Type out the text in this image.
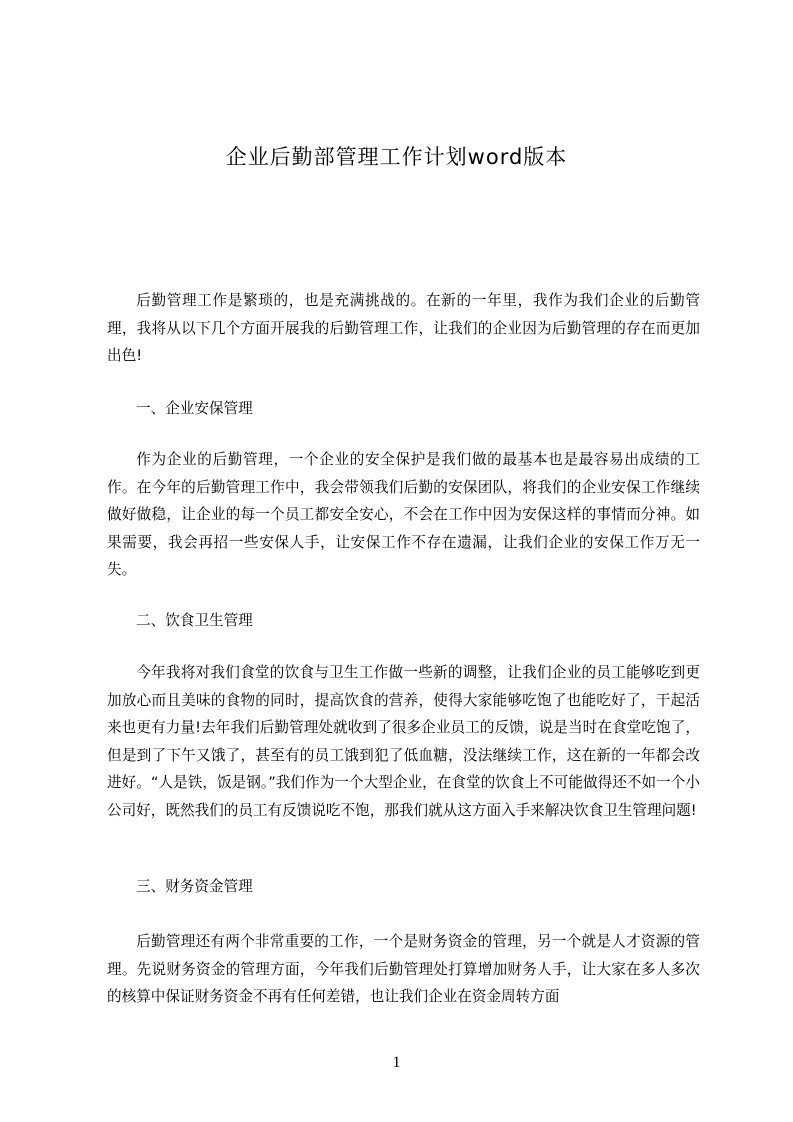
企业后勤部管理工作计划word版本

后勤管理工作是繁琐的，也是充满挑战的。在新的一年里，我作为我们企业的后勤管理，我将从以下几个方面开展我的后勤管理工作，让我们的企业因为后勤管理的存在而更加出色!

一、企业安保管理

作为企业的后勤管理，一个企业的安全保护是我们做的最基本也是最容易出成绩的工作。在今年的后勤管理工作中，我会带领我们后勤的安保团队，将我们的企业安保工作继续做好做稳，让企业的每一个员工都安全安心，不会在工作中因为安保这样的事情而分神。如果需要，我会再招一些安保人手，让安保工作不存在遗漏，让我们企业的安保工作万无一失。

二、饮食卫生管理

今年我将对我们食堂的饮食与卫生工作做一些新的调整，让我们企业的员工能够吃到更加放心而且美味的食物的同时，提高饮食的营养，使得大家能够吃饱了也能吃好了，干起活来也更有力量!去年我们后勤管理处就收到了很多企业员工的反馈，说是当时在食堂吃饱了，但是到了下午又饿了，甚至有的员工饿到犯了低血糖，没法继续工作，这在新的一年都会改进好。“人是铁，饭是钢。”我们作为一个大型企业，在食堂的饮食上不可能做得还不如一个小公司好，既然我们的员工有反馈说吃不饱，那我们就从这方面入手来解决饮食卫生管理问题!

三、财务资金管理

后勤管理还有两个非常重要的工作，一个是财务资金的管理，另一个就是人才资源的管理。先说财务资金的管理方面，今年我们后勤管理处打算增加财务人手，让大家在多人多次的核算中保证财务资金不再有任何差错，也让我们企业在资金周转方面

1
